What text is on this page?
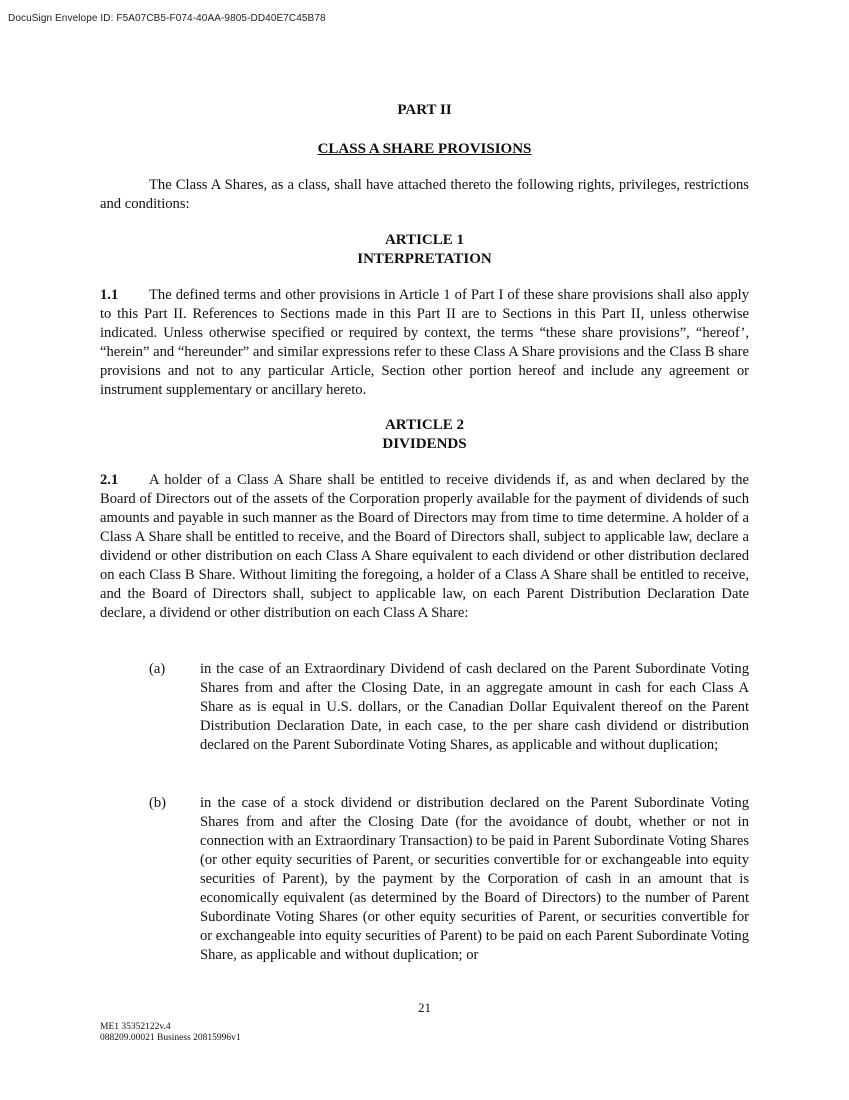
DocuSign Envelope ID: F5A07CB5-F074-40AA-9805-DD40E7C45B78
PART II
CLASS A SHARE PROVISIONS
The Class A Shares, as a class, shall have attached thereto the following rights, privileges, restrictions and conditions:
ARTICLE 1
INTERPRETATION
1.1 The defined terms and other provisions in Article 1 of Part I of these share provisions shall also apply to this Part II. References to Sections made in this Part II are to Sections in this Part II, unless otherwise indicated. Unless otherwise specified or required by context, the terms “these share provisions”, “hereof’, “herein” and “hereunder” and similar expressions refer to these Class A Share provisions and the Class B share provisions and not to any particular Article, Section other portion hereof and include any agreement or instrument supplementary or ancillary hereto.
ARTICLE 2
DIVIDENDS
2.1 A holder of a Class A Share shall be entitled to receive dividends if, as and when declared by the Board of Directors out of the assets of the Corporation properly available for the payment of dividends of such amounts and payable in such manner as the Board of Directors may from time to time determine. A holder of a Class A Share shall be entitled to receive, and the Board of Directors shall, subject to applicable law, declare a dividend or other distribution on each Class A Share equivalent to each dividend or other distribution declared on each Class B Share. Without limiting the foregoing, a holder of a Class A Share shall be entitled to receive, and the Board of Directors shall, subject to applicable law, on each Parent Distribution Declaration Date declare, a dividend or other distribution on each Class A Share:
(a) in the case of an Extraordinary Dividend of cash declared on the Parent Subordinate Voting Shares from and after the Closing Date, in an aggregate amount in cash for each Class A Share as is equal in U.S. dollars, or the Canadian Dollar Equivalent thereof on the Parent Distribution Declaration Date, in each case, to the per share cash dividend or distribution declared on the Parent Subordinate Voting Shares, as applicable and without duplication;
(b) in the case of a stock dividend or distribution declared on the Parent Subordinate Voting Shares from and after the Closing Date (for the avoidance of doubt, whether or not in connection with an Extraordinary Transaction) to be paid in Parent Subordinate Voting Shares (or other equity securities of Parent, or securities convertible for or exchangeable into equity securities of Parent), by the payment by the Corporation of cash in an amount that is economically equivalent (as determined by the Board of Directors) to the number of Parent Subordinate Voting Shares (or other equity securities of Parent, or securities convertible for or exchangeable into equity securities of Parent) to be paid on each Parent Subordinate Voting Share, as applicable and without duplication; or
21
ME1 35352122v.4
088209.00021 Business 20815996v1
